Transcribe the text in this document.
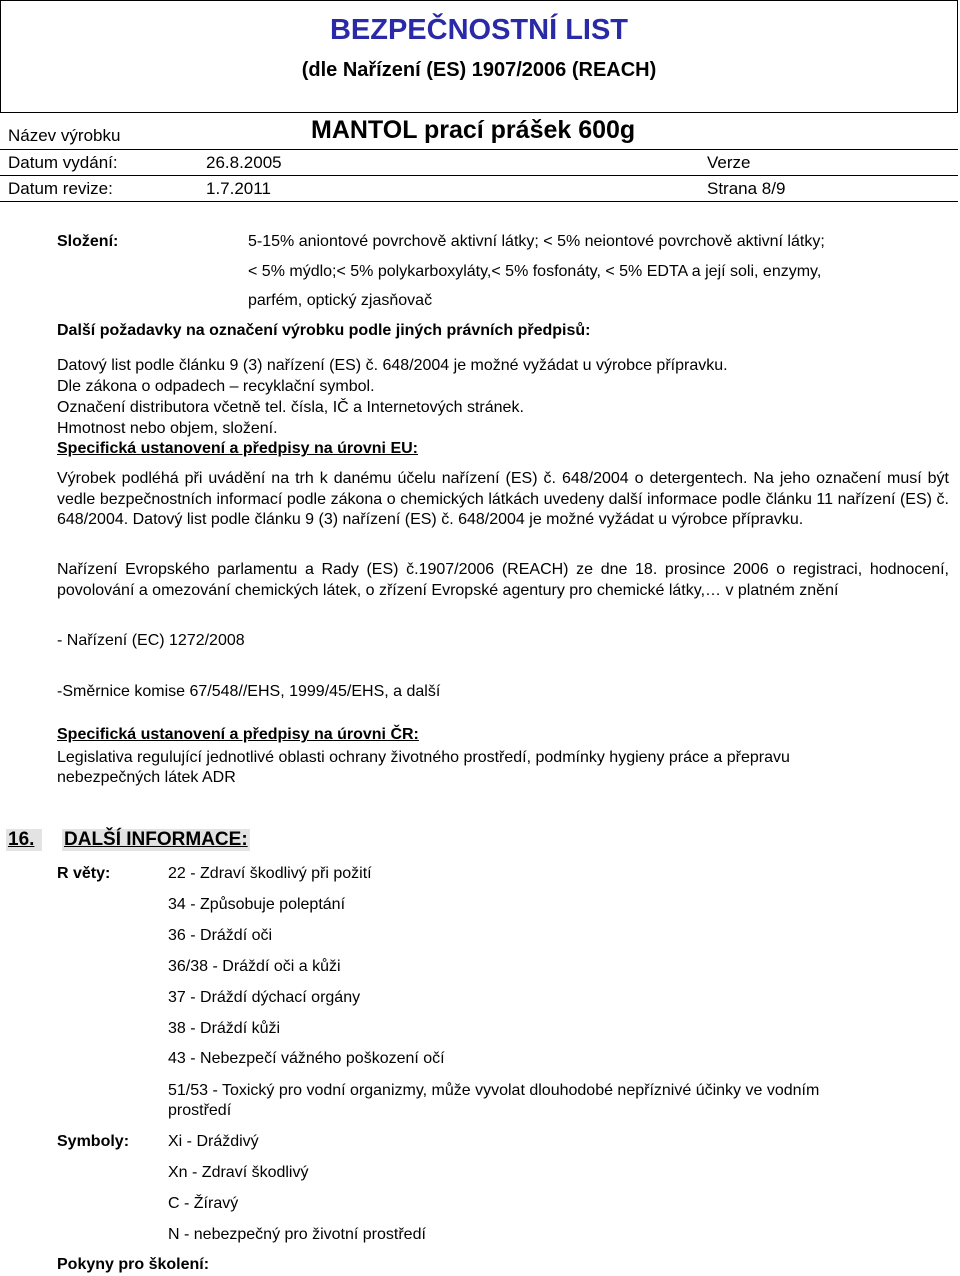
BEZPEČNOSTNÍ LIST
(dle Nařízení (ES) 1907/2006 (REACH)
Název výrobku	MANTOL prací prášek 600g
Datum vydání:	26.8.2005	Verze
Datum revize:	1.7.2011	Strana 8/9
Složení:	5-15% aniontové povrchově aktivní látky; < 5% neiontové povrchově aktivní látky;
< 5% mýdlo;< 5% polykarboxyláty,< 5% fosfonáty, < 5% EDTA a její soli, enzymy,
parfém, optický zjasňovač
Další požadavky na označení výrobku podle jiných právních předpisů:
Datový list podle článku 9 (3) nařízení (ES) č. 648/2004 je možné vyžádat u výrobce přípravku.
Dle zákona o odpadech – recyklační symbol.
Označení distributora včetně tel. čísla, IČ a Internetových stránek.
Hmotnost nebo objem, složení.
Specifická ustanovení a předpisy na úrovni EU:
Výrobek podléhá při uvádění na trh k danému účelu nařízení (ES) č. 648/2004 o detergentech. Na jeho označení musí být vedle bezpečnostních informací podle zákona o chemických látkách uvedeny další informace podle článku 11 nařízení (ES) č. 648/2004. Datový list podle článku 9 (3) nařízení (ES) č. 648/2004 je možné vyžádat u výrobce přípravku.
Nařízení Evropského parlamentu a Rady (ES) č.1907/2006 (REACH) ze dne 18. prosince 2006 o registraci, hodnocení, povolování a omezování chemických látek, o zřízení Evropské agentury pro chemické látky,… v platném znění
- Nařízení (EC) 1272/2008
-Směrnice komise 67/548//EHS, 1999/45/EHS, a další
Specifická ustanovení a předpisy na úrovni ČR:
Legislativa regulující jednotlivé oblasti ochrany životného prostředí, podmínky hygieny práce a přepravu nebezpečných látek ADR
16.	DALŠÍ INFORMACE:
R věty:	22 - Zdraví škodlivý při požití
34 - Způsobuje poleptání
36 - Dráždí oči
36/38 - Dráždí oči a kůži
37 - Dráždí dýchací orgány
38 - Dráždí kůži
43 - Nebezpečí vážného poškození očí
51/53 - Toxický pro vodní organizmy, může vyvolat dlouhodobé nepříznivé účinky ve vodním
prostředí
Symboly: Xi - Dráždivý
Xn - Zdraví škodlivý
C - Žíravý
N - nebezpečný pro životní prostředí
Pokyny pro školení:
